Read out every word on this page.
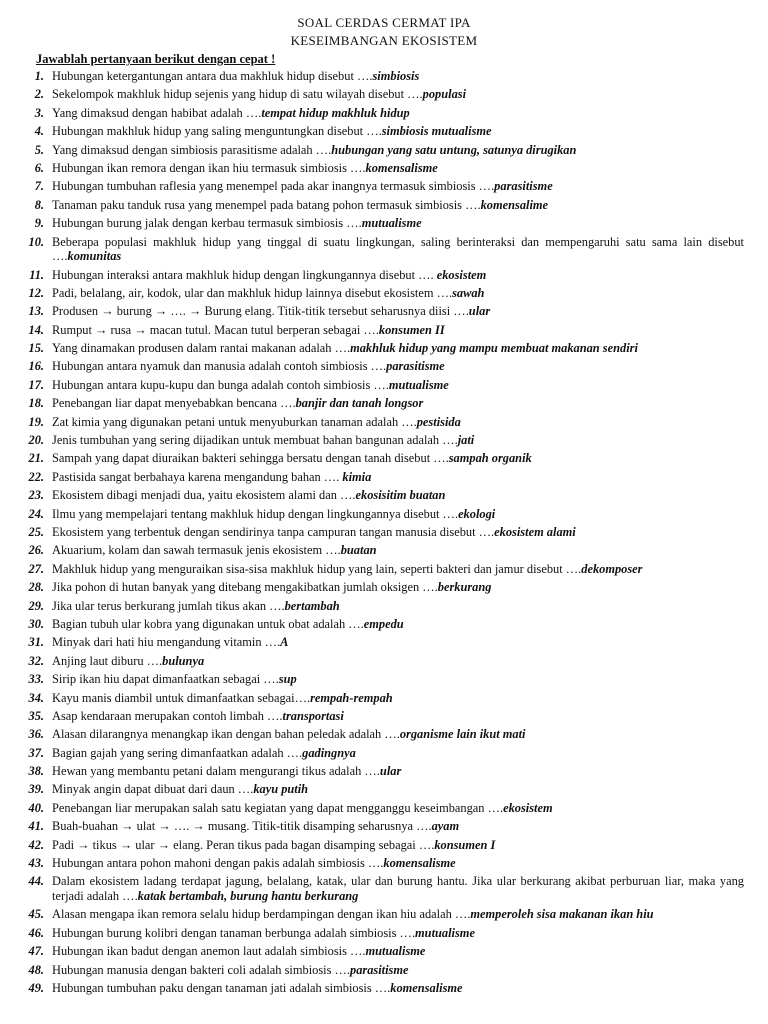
SOAL CERDAS CERMAT IPA
KESEIMBANGAN EKOSISTEM
Jawablah pertanyaan berikut dengan cepat !
1. Hubungan ketergantungan antara dua makhluk hidup disebut ….simbiosis
2. Sekelompok makhluk hidup sejenis yang hidup di satu wilayah disebut ….populasi
3. Yang dimaksud dengan habibat adalah ….tempat hidup makhluk hidup
4. Hubungan makhluk hidup yang saling menguntungkan disebut ….simbiosis mutualisme
5. Yang dimaksud dengan simbiosis parasitisme adalah ….hubungan yang satu untung, satunya dirugikan
6. Hubungan ikan remora dengan ikan hiu termasuk simbiosis ….komensalisme
7. Hubungan tumbuhan raflesia yang menempel pada akar inangnya termasuk simbiosis ….parasitisme
8. Tanaman paku tanduk rusa yang menempel pada batang pohon termasuk simbiosis ….komensalime
9. Hubungan burung jalak dengan kerbau termasuk simbiosis ….mutualisme
10. Beberapa populasi makhluk hidup yang tinggal di suatu lingkungan, saling berinteraksi dan mempengaruhi satu sama lain disebut ….komunitas
11. Hubungan interaksi antara makhluk hidup dengan lingkungannya disebut …. ekosistem
12. Padi, belalang, air, kodok, ular dan makhluk hidup lainnya disebut ekosistem ….sawah
13. Produsen → burung → …. → Burung elang. Titik-titik tersebut seharusnya diisi ….ular
14. Rumput → rusa → macan tutul. Macan tutul berperan sebagai ….konsumen II
15. Yang dinamakan produsen dalam rantai makanan adalah ….makhluk hidup yang mampu membuat makanan sendiri
16. Hubungan antara nyamuk dan manusia adalah contoh simbiosis ….parasitisme
17. Hubungan antara kupu-kupu dan bunga adalah contoh simbiosis ….mutualisme
18. Penebangan liar dapat menyebabkan bencana ….banjir dan tanah longsor
19. Zat kimia yang digunakan petani untuk menyuburkan tanaman adalah ….pestisida
20. Jenis tumbuhan yang sering dijadikan untuk membuat bahan bangunan adalah ….jati
21. Sampah yang dapat diuraikan bakteri sehingga bersatu dengan tanah disebut ….sampah organik
22. Pastisida sangat berbahaya karena mengandung bahan …. kimia
23. Ekosistem dibagi menjadi dua, yaitu ekosistem alami dan ….ekosisitim buatan
24. Ilmu yang mempelajari tentang makhluk hidup dengan lingkungannya disebut ….ekologi
25. Ekosistem yang terbentuk dengan sendirinya tanpa campuran tangan manusia disebut ….ekosistem alami
26. Akuarium, kolam dan sawah termasuk jenis ekosistem ….buatan
27. Makhluk hidup yang menguraikan sisa-sisa makhluk hidup yang lain, seperti bakteri dan jamur disebut ….dekomposer
28. Jika pohon di hutan banyak yang ditebang mengakibatkan jumlah oksigen ….berkurang
29. Jika ular terus berkurang jumlah tikus akan ….bertambah
30. Bagian tubuh ular kobra yang digunakan untuk obat adalah ….empedu
31. Minyak dari hati hiu mengandung vitamin ….A
32. Anjing laut diburu ….bulunya
33. Sirip ikan hiu dapat dimanfaatkan sebagai ….sup
34. Kayu manis diambil untuk dimanfaatkan sebagai….rempah-rempah
35. Asap kendaraan merupakan contoh limbah ….transportasi
36. Alasan dilarangnya menangkap ikan dengan bahan peledak adalah ….organisme lain ikut mati
37. Bagian gajah yang sering dimanfaatkan adalah ….gadingnya
38. Hewan yang membantu petani dalam mengurangi tikus adalah ….ular
39. Minyak angin dapat dibuat dari daun ….kayu putih
40. Penebangan liar merupakan salah satu kegiatan yang dapat mengganggu keseimbangan ….ekosistem
41. Buah-buahan → ulat → …. → musang. Titik-titik disamping seharusnya ….ayam
42. Padi → tikus → ular → elang. Peran tikus pada bagan disamping sebagai ….konsumen I
43. Hubungan antara pohon mahoni dengan pakis adalah simbiosis ….komensalisme
44. Dalam ekosistem ladang terdapat jagung, belalang, katak, ular dan burung hantu. Jika ular berkurang akibat perburuan liar, maka yang terjadi adalah ….katak bertambah, burung hantu berkurang
45. Alasan mengapa ikan remora selalu hidup berdampingan dengan ikan hiu adalah ….memperoleh sisa makanan ikan hiu
46. Hubungan burung kolibri dengan tanaman berbunga adalah simbiosis ….mutualisme
47. Hubungan ikan badut dengan anemon laut adalah simbiosis ….mutualisme
48. Hubungan manusia dengan bakteri coli adalah simbiosis ….parasitisme
49. Hubungan tumbuhan paku dengan tanaman jati adalah simbiosis ….komensalisme
